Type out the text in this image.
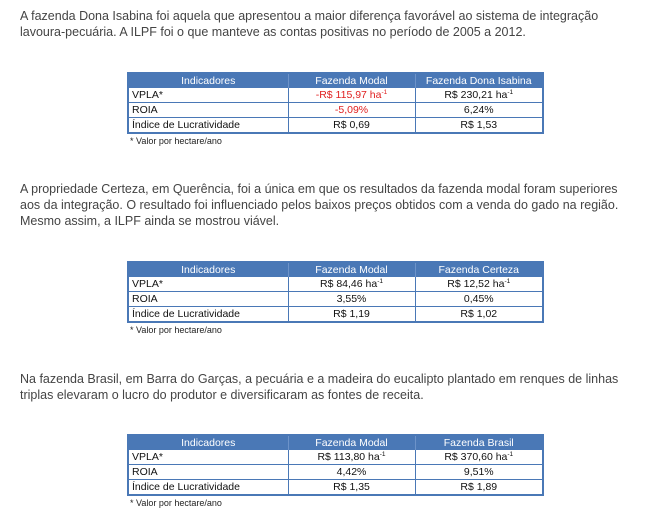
A fazenda Dona Isabina foi aquela que apresentou a maior diferença favorável ao sistema de integração
lavoura-pecuária. A ILPF foi o que manteve as contas positivas no período de 2005 a 2012.

Indicadores	Fazenda Modal	Fazenda Dona Isabina
VPLA*	-R$ 115,97 $ha^{-1}$	R$ 230,21 $ha^{-1}$
ROIA	-5,09%	6,24%
Índice de Lucratividade	R$ 0,69	R$ 1,53
* Valor por hectare/ano

A propriedade Certeza, em Querência, foi a única em que os resultados da fazenda modal foram superiores
aos da integração. O resultado foi influenciado pelos baixos preços obtidos com a venda do gado na região.
Mesmo assim, a ILPF ainda se mostrou viável.

Indicadores	Fazenda Modal	Fazenda Certeza
VPLA*	R$ 84,46 $ha^{-1}$	R$ 12,52 $ha^{-1}$
ROIA	3,55%	0,45%
Índice de Lucratividade	R$ 1,19	R$ 1,02
* Valor por hectare/ano

Na fazenda Brasil, em Barra do Garças, a pecuária e a madeira do eucalipto plantado em renques de linhas
triplas elevaram o lucro do produtor e diversificaram as fontes de receita.

Indicadores	Fazenda Modal	Fazenda Brasil
VPLA*	R$ 113,80 $ha^{-1}$	R$ 370,60 $ha^{-1}$
ROIA	4,42%	9,51%
Índice de Lucratividade	R$ 1,35	R$ 1,89
* Valor por hectare/ano
